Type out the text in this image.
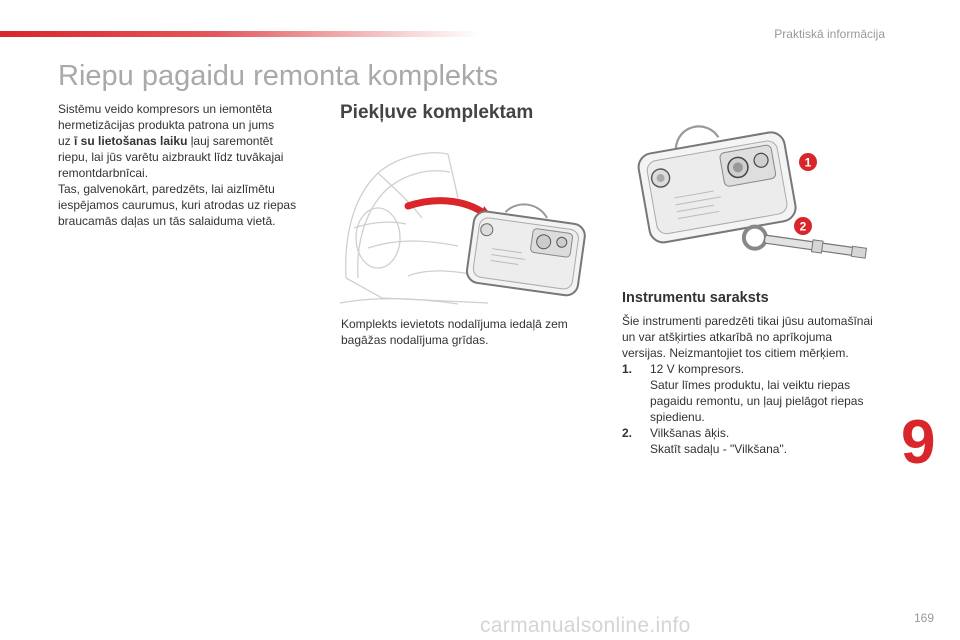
Praktiskā informācija
Riepu pagaidu remonta komplekts

Sistēmu veido kompresors un iemontēta
hermetizācijas produkta patrona un jums
uz ī su lietošanas laiku ļauj saremontēt
riepu, lai jūs varētu aizbraukt līdz tuvākajai
remontdarbnīcai.
Tas, galvenokārt, paredzēts, lai aizlīmētu
iespējamos caurumus, kuri atrodas uz riepas
braucamās daļas un tās salaiduma vietā.

Piekļuve komplektam

Komplekts ievietots nodalījuma iedaļā zem
bagāžas nodalījuma grīdas.

1
2
Instrumentu saraksts

Šie instrumenti paredzēti tikai jūsu automašīnai
un var atšķirties atkarībā no aprīkojuma
versijas. Neizmantojiet tos citiem mērķiem.

1. 12 V kompresors.
Satur līmes produktu, lai veiktu riepas
pagaidu remontu, un ļauj pielāgot riepas
spiedienu.
2. Vilkšanas āķis.
Skatīt sadaļu - "Vilkšana".	9
169
carmanualsonline.info
